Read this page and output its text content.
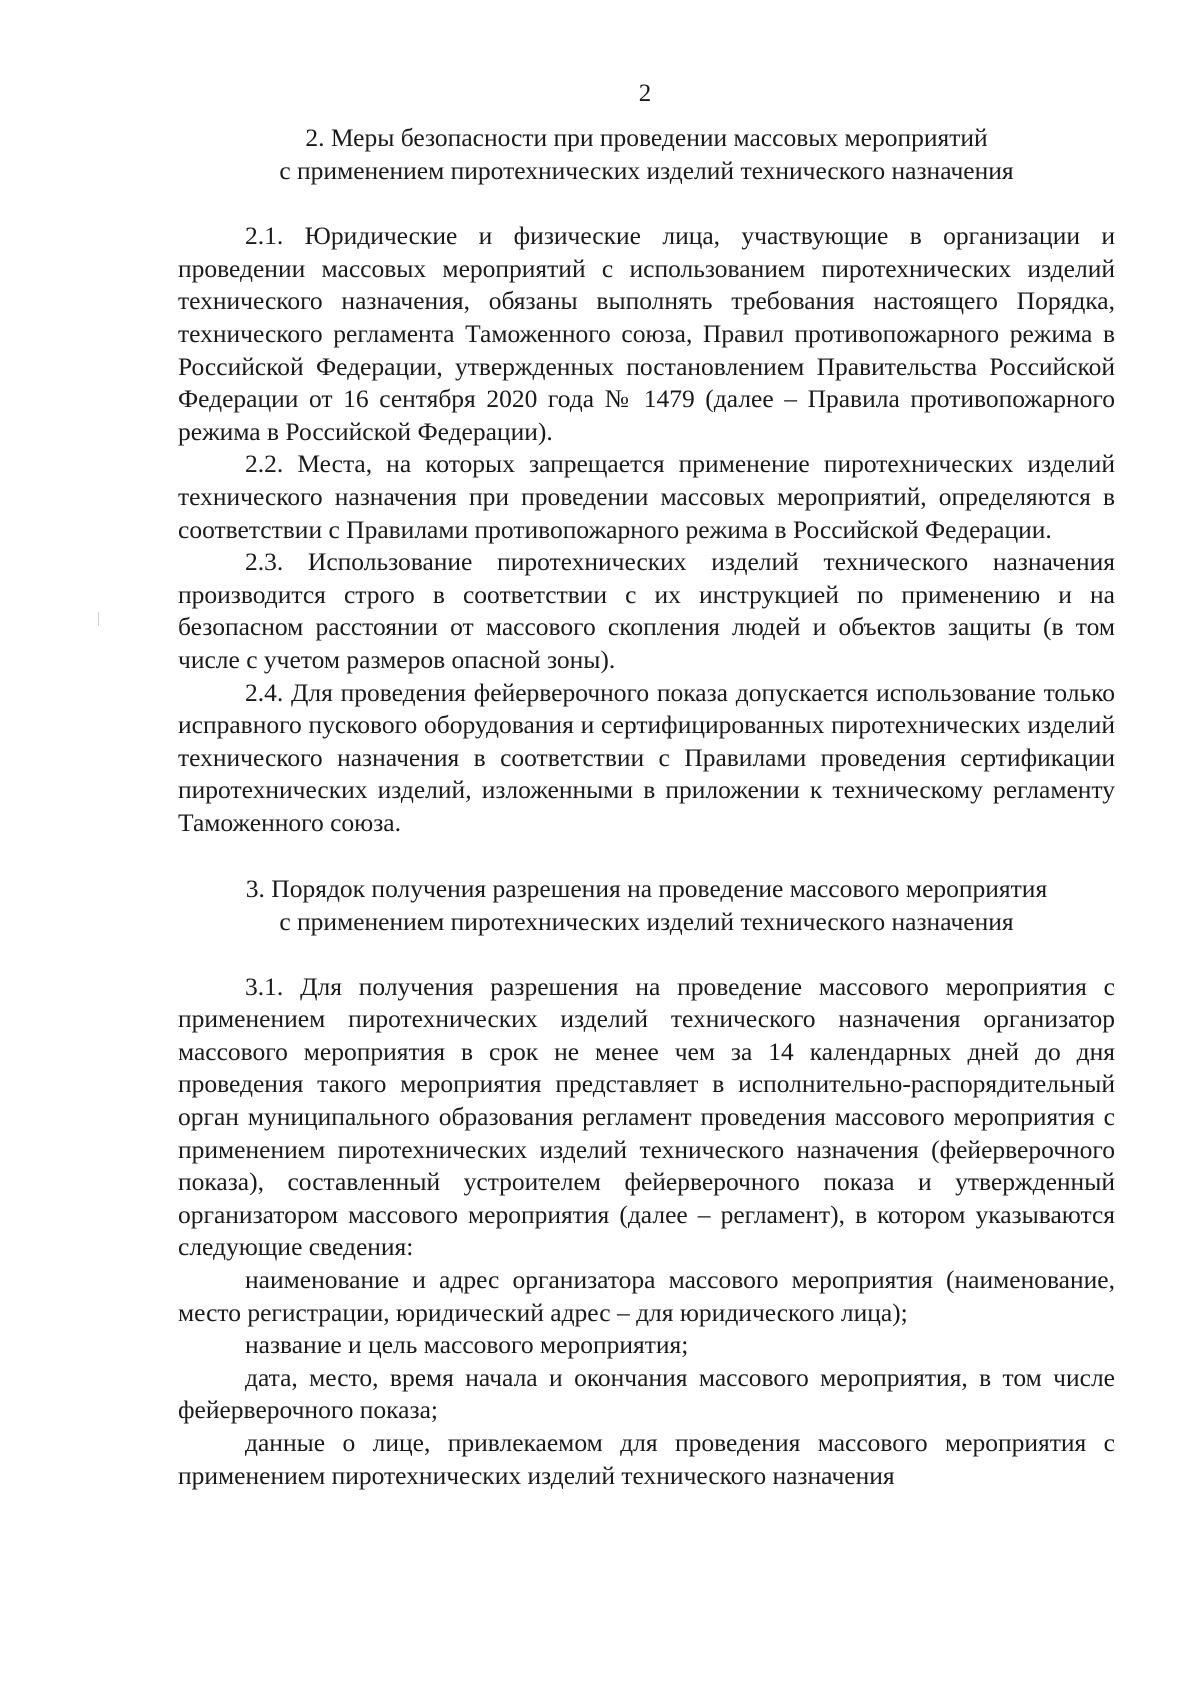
2
2. Меры безопасности при проведении массовых мероприятий
с применением пиротехнических изделий технического назначения

2.1. Юридические и физические лица, участвующие в организации и проведении массовых мероприятий с использованием пиротехнических изделий технического назначения, обязаны выполнять требования настоящего Порядка, технического регламента Таможенного союза, Правил противопожарного режима в Российской Федерации, утвержденных постановлением Правительства Российской Федерации от 16 сентября 2020 года № 1479 (далее – Правила противопожарного режима в Российской Федерации).

2.2. Места, на которых запрещается применение пиротехнических изделий технического назначения при проведении массовых мероприятий, определяются в соответствии с Правилами противопожарного режима в Российской Федерации.

2.3. Использование пиротехнических изделий технического назначения производится строго в соответствии с их инструкцией по применению и на безопасном расстоянии от массового скопления людей и объектов защиты (в том числе с учетом размеров опасной зоны).

2.4. Для проведения фейерверочного показа допускается использование только исправного пускового оборудования и сертифицированных пиротехнических изделий технического назначения в соответствии с Правилами проведения сертификации пиротехнических изделий, изложенными в приложении к техническому регламенту Таможенного союза.

3. Порядок получения разрешения на проведение массового мероприятия
с применением пиротехнических изделий технического назначения

3.1. Для получения разрешения на проведение массового мероприятия с применением пиротехнических изделий технического назначения организатор массового мероприятия в срок не менее чем за 14 календарных дней до дня проведения такого мероприятия представляет в исполнительно-распорядительный орган муниципального образования регламент проведения массового мероприятия с применением пиротехнических изделий технического назначения (фейерверочного показа), составленный устроителем фейерверочного показа и утвержденный организатором массового мероприятия (далее – регламент), в котором указываются следующие сведения:

наименование и адрес организатора массового мероприятия (наименование, место регистрации, юридический адрес – для юридического лица);

название и цель массового мероприятия;

дата, место, время начала и окончания массового мероприятия, в том числе фейерверочного показа;

данные о лице, привлекаемом для проведения массового мероприятия с применением пиротехнических изделий технического назначения
